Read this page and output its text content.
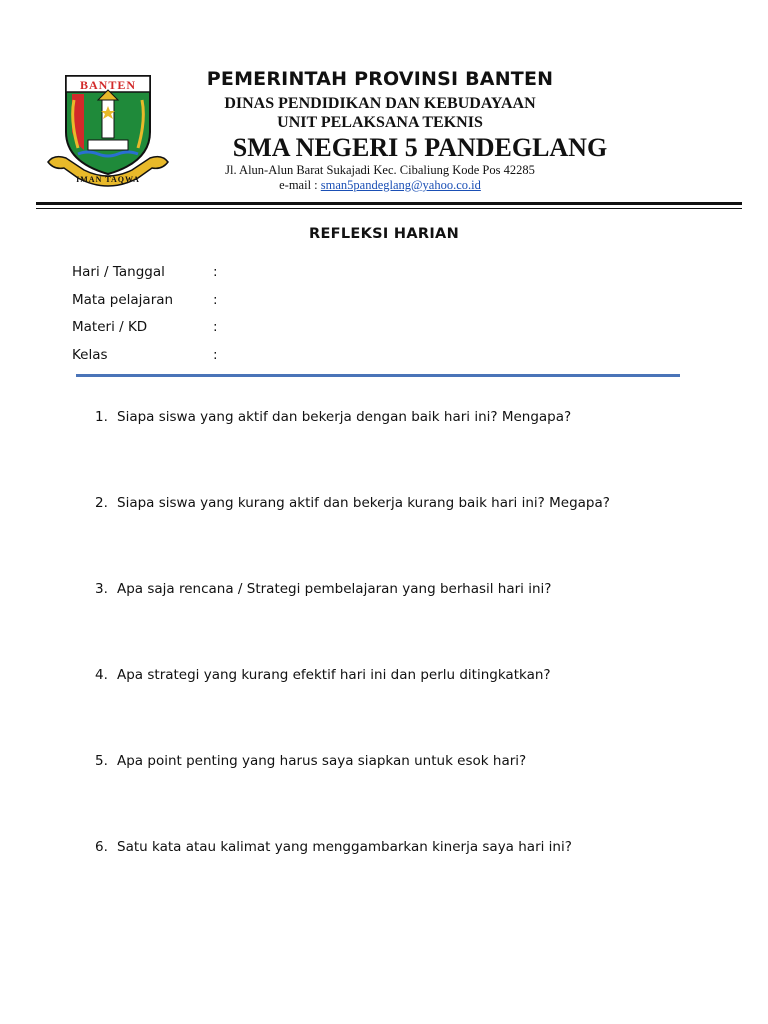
BANTEN
IMAN TAQWA
PEMERINTAH PROVINSI BANTEN
DINAS PENDIDIKAN DAN KEBUDAYAAN
UNIT PELAKSANA TEKNIS
SMA NEGERI 5 PANDEGLANG
Jl. Alun-Alun Barat Sukajadi Kec. Cibaliung Kode Pos 42285
e-mail : sman5pandeglang@yahoo.co.id
REFLEKSI HARIAN
Hari / Tanggal	:
Mata pelajaran	:
Materi / KD	:
Kelas	:
1. Siapa siswa yang aktif dan bekerja dengan baik hari ini? Mengapa?
2. Siapa siswa yang kurang aktif dan bekerja kurang baik hari ini? Megapa?
3. Apa saja rencana / Strategi pembelajaran yang berhasil hari ini?
4. Apa strategi yang kurang efektif hari ini dan perlu ditingkatkan?
5. Apa point penting yang harus saya siapkan untuk esok hari?
6. Satu kata atau kalimat yang menggambarkan kinerja saya hari ini?
